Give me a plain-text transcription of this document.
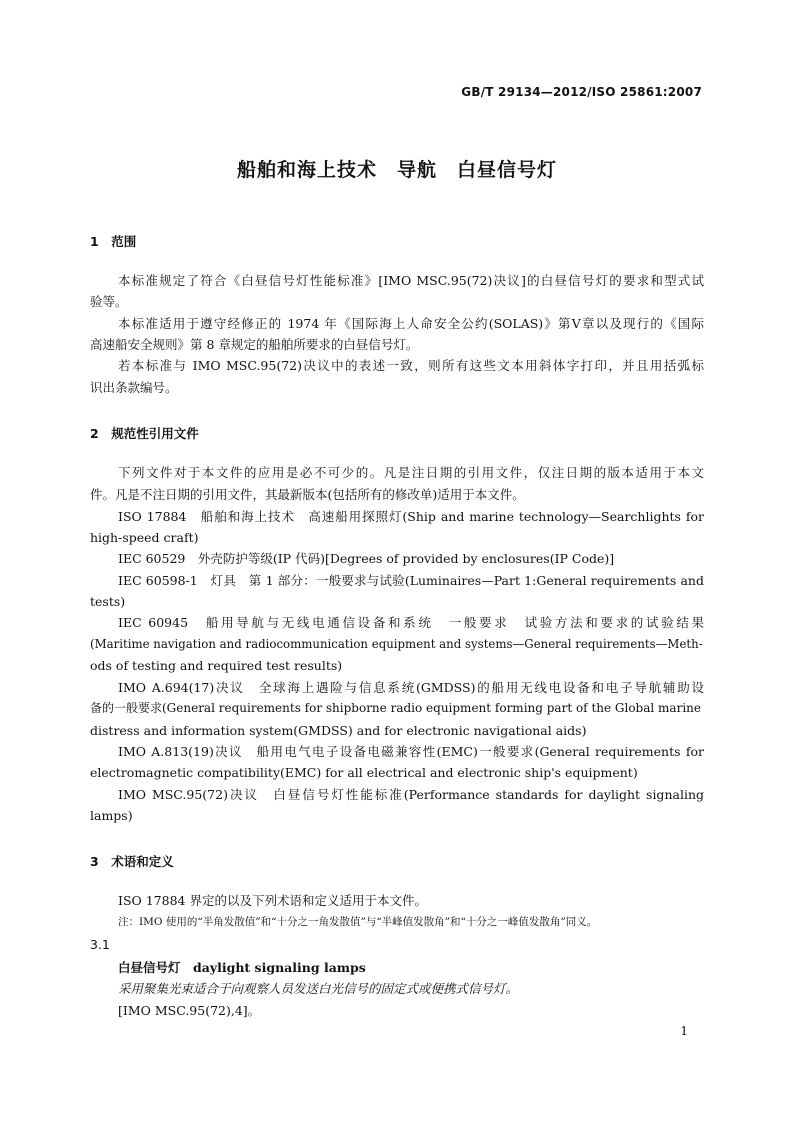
GB/T 29134—2012/ISO 25861:2007
船舶和海上技术　导航　白昼信号灯
1　范围
本标准规定了符合《白昼信号灯性能标准》[IMO MSC.95(72)决议]的白昼信号灯的要求和型式试
验等。
本标准适用于遵守经修正的 1974 年《国际海上人命安全公约(SOLAS)》第Ⅴ章以及现行的《国际
高速船安全规则》第 8 章规定的船舶所要求的白昼信号灯。
若本标准与 IMO MSC.95(72)决议中的表述一致，则所有这些文本用斜体字打印，并且用括弧标
识出条款编号。
2　规范性引用文件
下列文件对于本文件的应用是必不可少的。凡是注日期的引用文件，仅注日期的版本适用于本文
件。凡是不注日期的引用文件，其最新版本(包括所有的修改单)适用于本文件。
ISO 17884　船舶和海上技术　高速船用探照灯(Ship and marine technology—Searchlights for
high-speed craft)
IEC 60529　外壳防护等级(IP 代码)[Degrees of provided by enclosures(IP Code)]
IEC 60598-1　灯具　第 1 部分：一般要求与试验(Luminaires—Part 1:General requirements and
tests)
IEC 60945　船用导航与无线电通信设备和系统　一般要求　试验方法和要求的试验结果
(Maritime navigation and radiocommunication equipment and systems—General requirements—Meth-
ods of testing and required test results)
IMO A.694(17)决议　全球海上遇险与信息系统(GMDSS)的船用无线电设备和电子导航辅助设
备的一般要求(General requirements for shipborne radio equipment forming part of the Global marine
distress and information system(GMDSS) and for electronic navigational aids)
IMO A.813(19)决议　船用电气电子设备电磁兼容性(EMC)一般要求(General requirements for
electromagnetic compatibility(EMC) for all electrical and electronic ship's equipment)
IMO MSC.95(72)决议　白昼信号灯性能标准(Performance standards for daylight signaling
lamps)
3　术语和定义
ISO 17884 界定的以及下列术语和定义适用于本文件。
注：IMO 使用的“半角发散值”和“十分之一角发散值”与“半峰值发散角”和“十分之一峰值发散角”同义。
3.1
白昼信号灯　daylight signaling lamps
采用聚集光束适合于向观察人员发送白光信号的固定式或便携式信号灯。
[IMO MSC.95(72),4]。
1
